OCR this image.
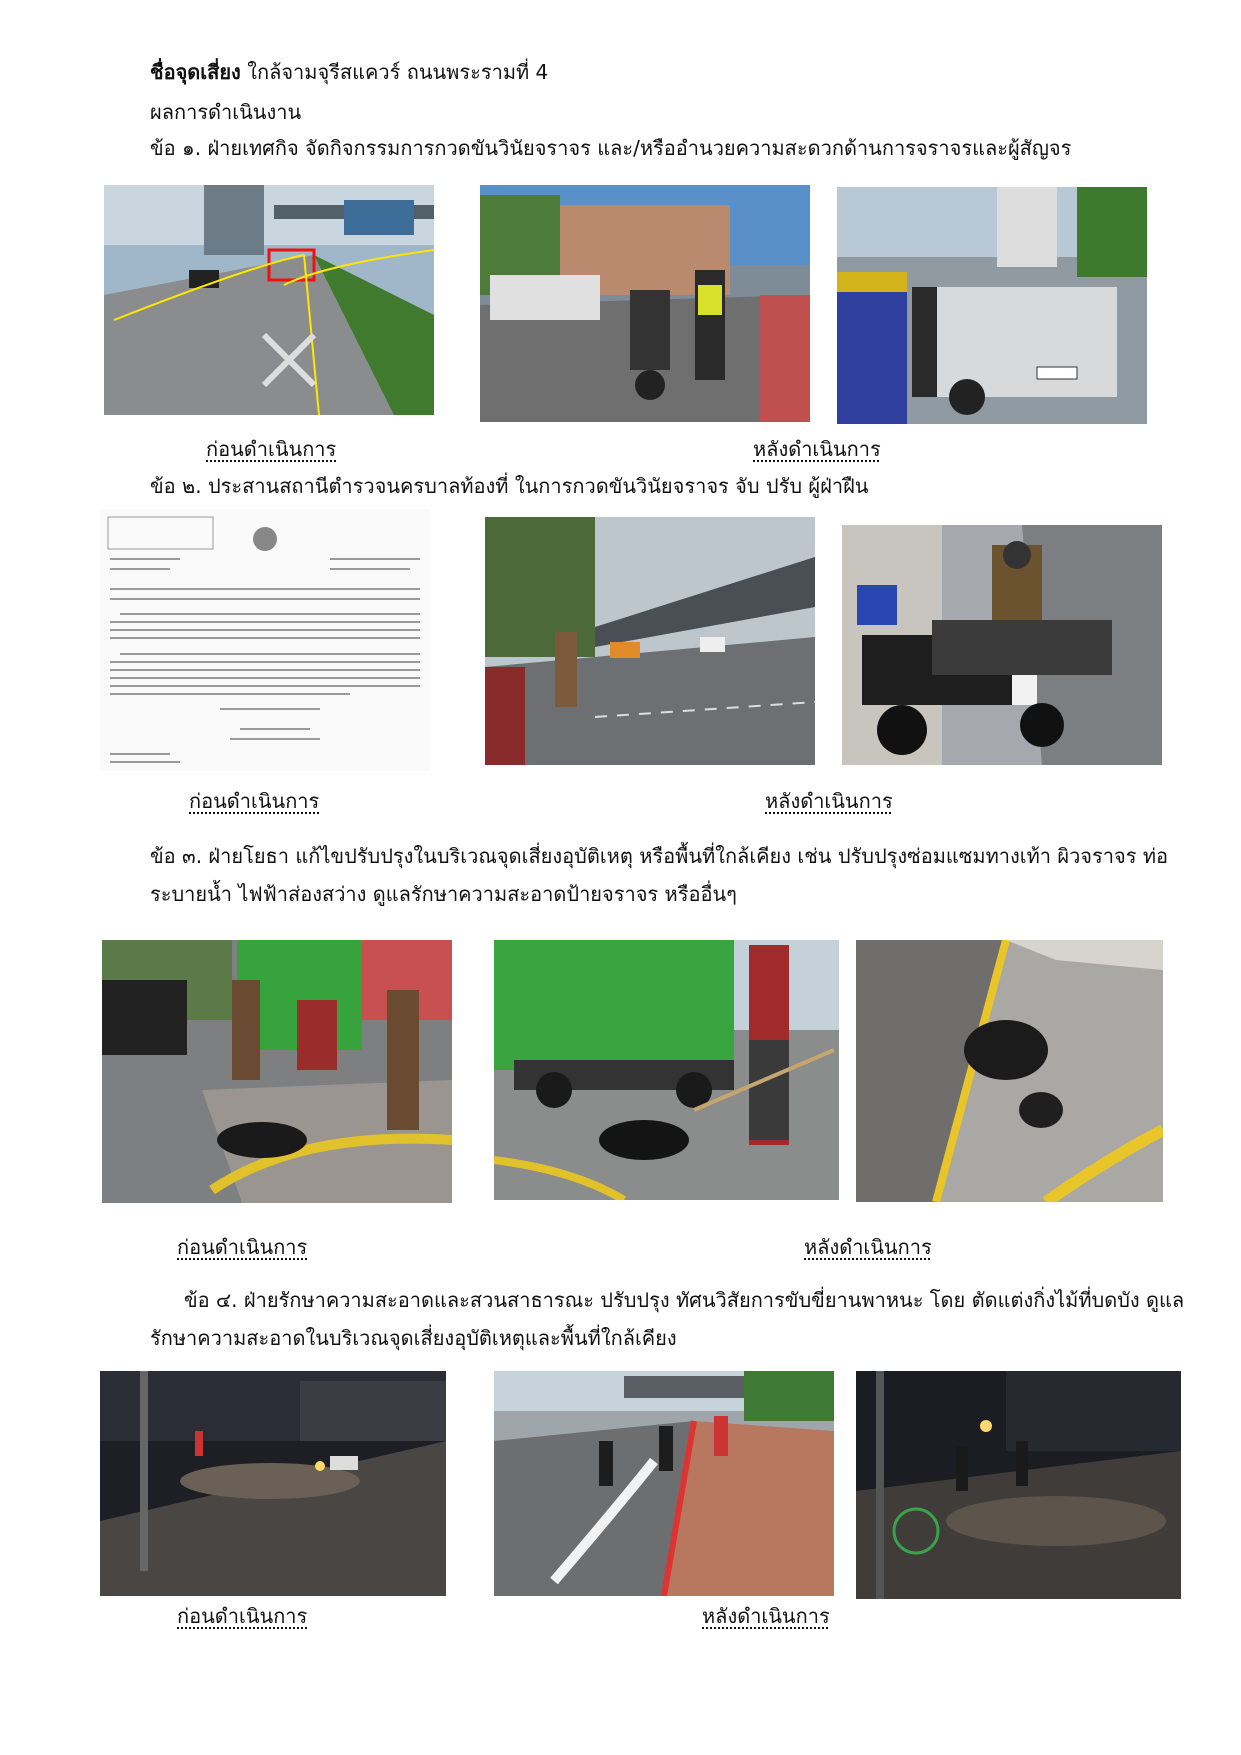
ชื่อจุดเสี่ยง ใกล้จามจุรีสแควร์ ถนนพระรามที่ 4
ผลการดำเนินงาน
ข้อ ๑. ฝ่ายเทศกิจ จัดกิจกรรมการกวดขันวินัยจราจร และ/หรืออำนวยความสะดวกด้านการจราจรและผู้สัญจร
ก่อนดำเนินการ	หลังดำเนินการ
ข้อ ๒. ประสานสถานีตำรวจนครบาลท้องที่ ในการกวดขันวินัยจราจร จับ ปรับ ผู้ฝ่าฝืน
ก่อนดำเนินการ	หลังดำเนินการ
ข้อ ๓. ฝ่ายโยธา แก้ไขปรับปรุงในบริเวณจุดเสี่ยงอุบัติเหตุ หรือพื้นที่ใกล้เคียง เช่น ปรับปรุงซ่อมแซมทางเท้า ผิวจราจร ท่อระบายน้ำ ไฟฟ้าส่องสว่าง ดูแลรักษาความสะอาดป้ายจราจร หรืออื่นๆ
ก่อนดำเนินการ	หลังดำเนินการ
ข้อ ๔. ฝ่ายรักษาความสะอาดและสวนสาธารณะ ปรับปรุง ทัศนวิสัยการขับขี่ยานพาหนะ โดย ตัดแต่งกิ่งไม้ที่บดบัง ดูแลรักษาความสะอาดในบริเวณจุดเสี่ยงอุบัติเหตุและพื้นที่ใกล้เคียง
ก่อนดำเนินการ	หลังดำเนินการ
